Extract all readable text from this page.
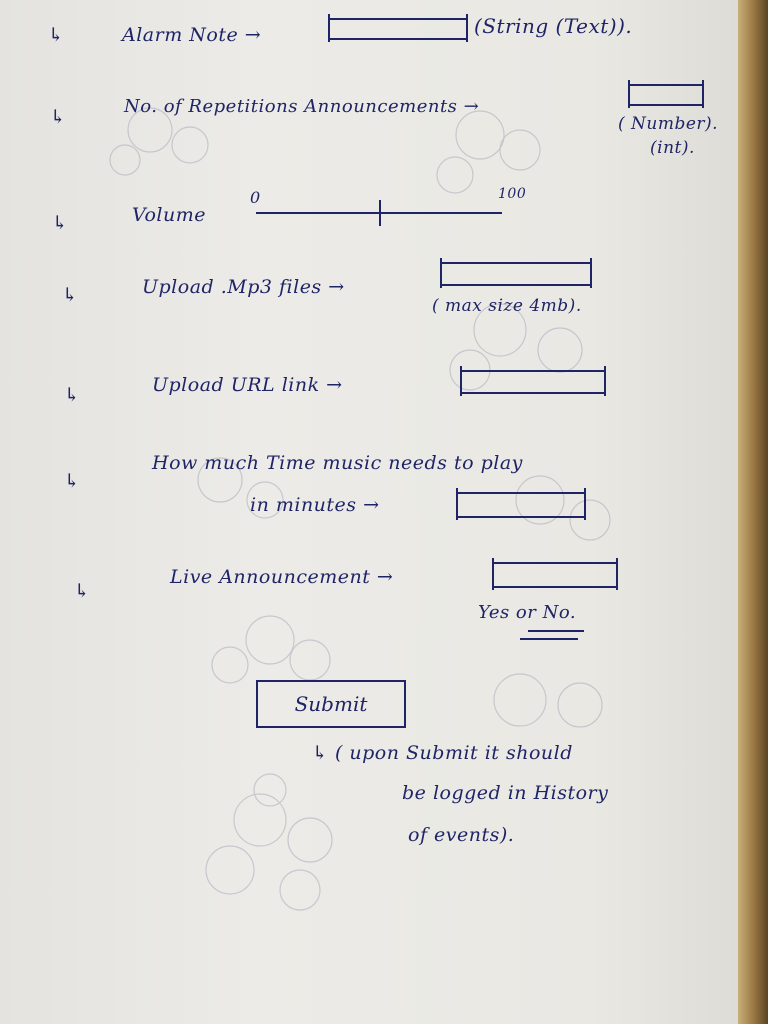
↳	Alarm Note →	(String (Text)).
↳	No. of Repetitions Announcements →
( Number).
(int).
↳	Volume
0	100
↳	Upload .Mp3 files →
( max size 4mb).
↳	Upload URL link →
↳
How much Time music needs to play
in minutes →
↳
Live Announcement →
Yes or No.
Submit
↳ ( upon Submit it should
be logged in History
of events).
